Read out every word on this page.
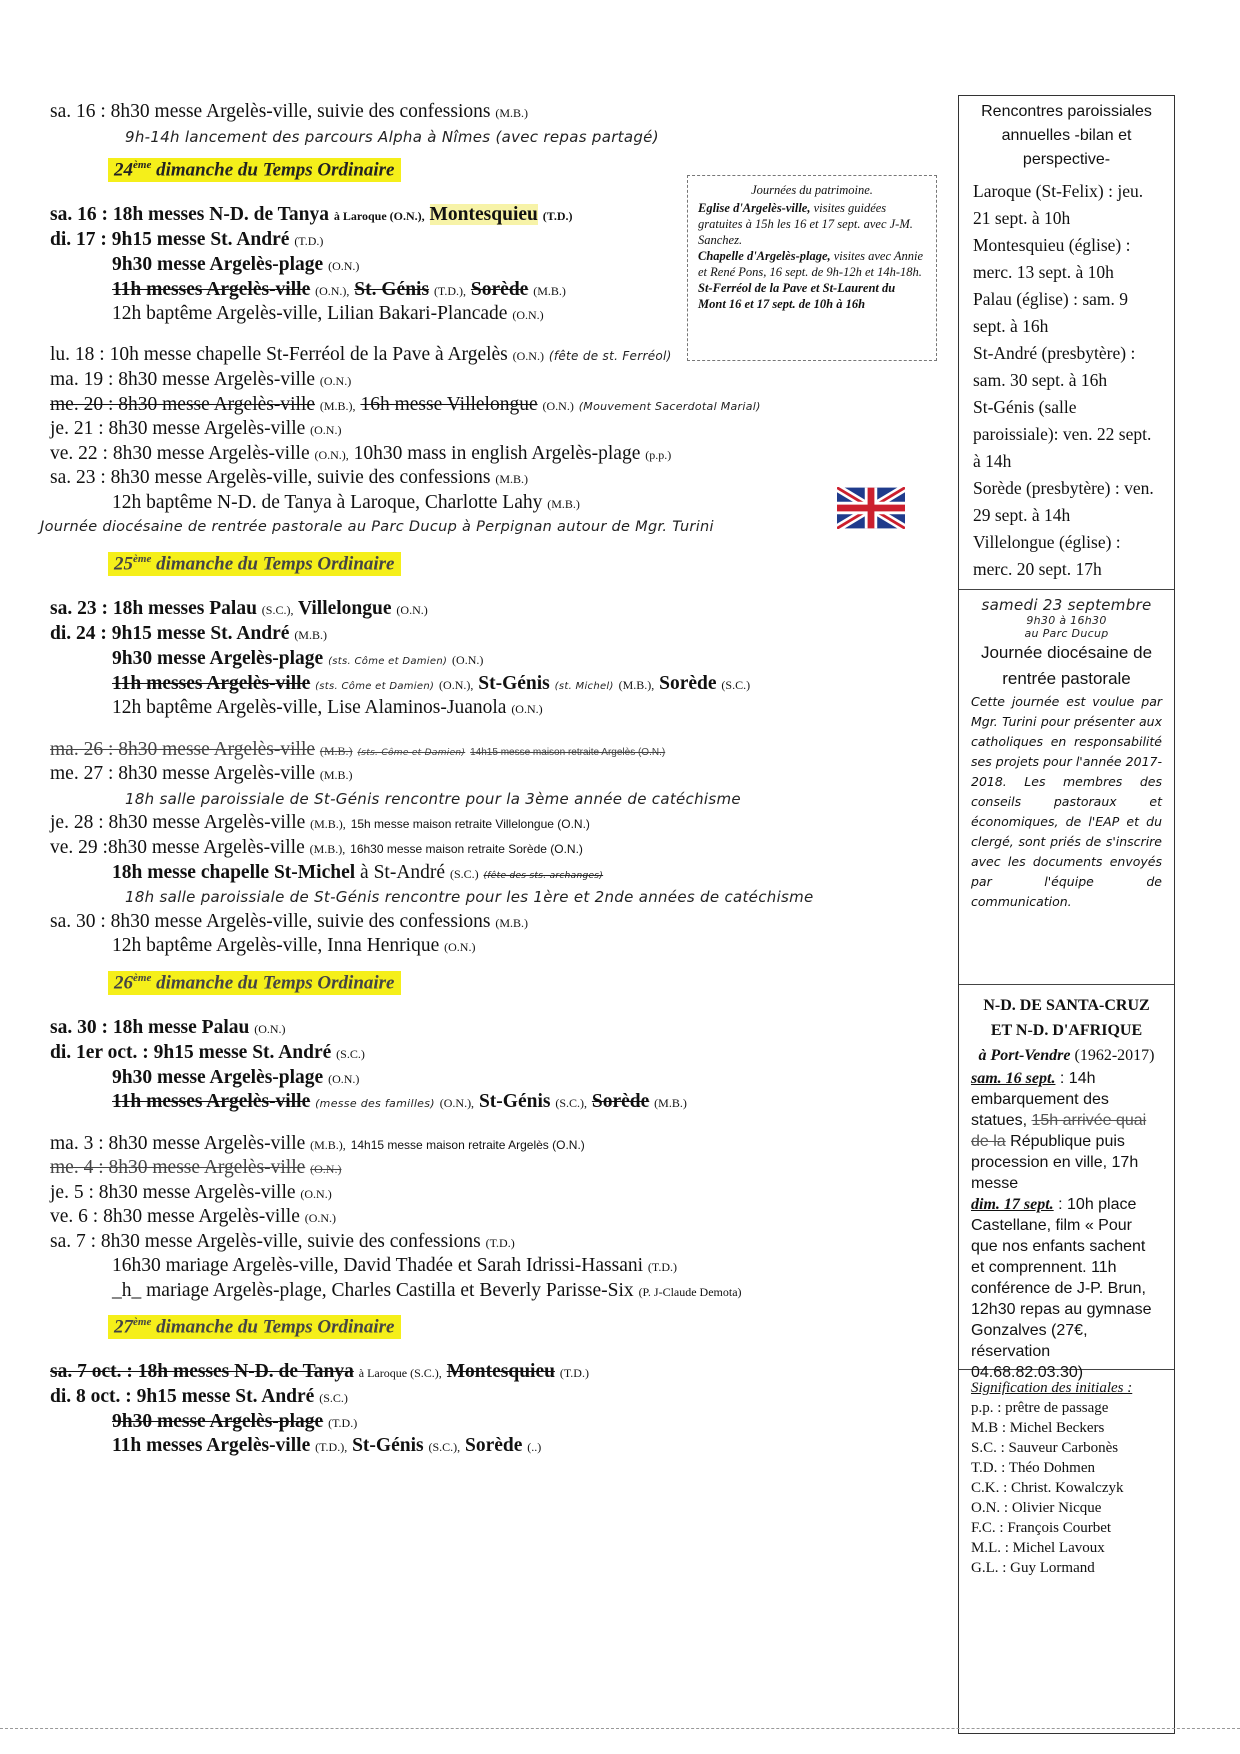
sa. 16 : 8h30 messe Argelès-ville, suivie des confessions (M.B.)
9h-14h lancement des parcours Alpha à Nîmes (avec repas partagé)
24ème dimanche du Temps Ordinaire
sa. 16 : 18h messes N-D. de Tanya à Laroque (O.N.), Montesquieu (T.D.)
di. 17 : 9h15 messe St. André (T.D.)
9h30 messe Argelès-plage (O.N.)
11h messes Argelès-ville (O.N.), St. Génis (T.D.), Sorède (M.B.)
12h baptême Argelès-ville, Lilian Bakari-Plancade (O.N.)
lu. 18 : 10h messe chapelle St-Ferréol de la Pave à Argelès (O.N.) (fête de st. Ferréol)
ma. 19 : 8h30 messe Argelès-ville (O.N.)
me. 20 : 8h30 messe Argelès-ville (M.B.), 16h messe Villelongue (O.N.) (Mouvement Sacerdotal Marial)
je. 21 : 8h30 messe Argelès-ville (O.N.)
ve. 22 : 8h30 messe Argelès-ville (O.N.), 10h30 mass in english Argelès-plage (p.p.)
sa. 23 : 8h30 messe Argelès-ville, suivie des confessions (M.B.)
12h baptême N-D. de Tanya à Laroque, Charlotte Lahy (M.B.)
Journée diocésaine de rentrée pastorale au Parc Ducup à Perpignan autour de Mgr. Turini
25ème dimanche du Temps Ordinaire
sa. 23 : 18h messes Palau (S.C.), Villelongue (O.N.)
di. 24 : 9h15 messe St. André (M.B.)
9h30 messe Argelès-plage (sts. Côme et Damien) (O.N.)
11h messes Argelès-ville (sts. Côme et Damien) (O.N.), St-Génis (st. Michel) (M.B.), Sorède (S.C.)
12h baptême Argelès-ville, Lise Alaminos-Juanola (O.N.)
ma. 26 : 8h30 messe Argelès-ville (M.B.) (sts. Côme et Damien) 14h15 messe maison retraite Argelès (O.N.)
me. 27 : 8h30 messe Argelès-ville (M.B.)
18h salle paroissiale de St-Génis rencontre pour la 3ème année de catéchisme
je. 28 : 8h30 messe Argelès-ville (M.B.), 15h messe maison retraite Villelongue (O.N.)
ve. 29 :8h30 messe Argelès-ville (M.B.), 16h30 messe maison retraite Sorède (O.N.)
18h messe chapelle St-Michel à St-André (S.C.) (fête des sts. archanges)
18h salle paroissiale de St-Génis rencontre pour les 1ère et 2nde années de catéchisme
sa. 30 : 8h30 messe Argelès-ville, suivie des confessions (M.B.)
12h baptême Argelès-ville, Inna Henrique (O.N.)
26ème dimanche du Temps Ordinaire
sa. 30 : 18h messe Palau (O.N.)
di. 1er oct. : 9h15 messe St. André (S.C.)
9h30 messe Argelès-plage (O.N.)
11h messes Argelès-ville (messe des familles) (O.N.), St-Génis (S.C.), Sorède (M.B.)
ma. 3 : 8h30 messe Argelès-ville (M.B.), 14h15 messe maison retraite Argelès (O.N.)
me. 4 : 8h30 messe Argelès-ville (O.N.)
je. 5 : 8h30 messe Argelès-ville (O.N.)
ve. 6 : 8h30 messe Argelès-ville (O.N.)
sa. 7 : 8h30 messe Argelès-ville, suivie des confessions (T.D.)
16h30 mariage Argelès-ville, David Thadée et Sarah Idrissi-Hassani (T.D.)
_h_ mariage Argelès-plage, Charles Castilla et Beverly Parisse-Six (P. J-Claude Demota)
27ème dimanche du Temps Ordinaire
sa. 7 oct. : 18h messes N-D. de Tanya à Laroque (S.C.), Montesquieu (T.D.)
di. 8 oct. : 9h15 messe St. André (S.C.)
9h30 messe Argelès-plage (T.D.)
11h messes Argelès-ville (T.D.), St-Génis (S.C.), Sorède (..)
Journées du patrimoine.
Eglise d'Argelès-ville, visites guidées gratuites à 15h les 16 et 17 sept. avec J-M. Sanchez.
Chapelle d'Argelès-plage, visites avec Annie et René Pons, 16 sept. de 9h-12h et 14h-18h.
St-Ferréol de la Pave et St-Laurent du Mont 16 et 17 sept. de 10h à 16h
Rencontres paroissiales annuelles -bilan et perspective-
Laroque (St-Felix) : jeu. 21 sept. à 10h
Montesquieu (église) : merc. 13 sept. à 10h
Palau (église) : sam. 9 sept. à 16h
St-André (presbytère) : sam. 30 sept. à 16h
St-Génis (salle paroissiale): ven. 22 sept. à 14h
Sorède (presbytère) : ven. 29 sept. à 14h
Villelongue (église) : merc. 20 sept. 17h
samedi 23 septembre
9h30 à 16h30
au Parc Ducup
Journée diocésaine de rentrée pastorale
Cette journée est voulue par Mgr. Turini pour présenter aux catholiques en responsabilité ses projets pour l'année 2017-2018. Les membres des conseils pastoraux et économiques, de l'EAP et du clergé, sont priés de s'inscrire avec les documents envoyés par l'équipe de communication.
N-D. DE SANTA-CRUZ
ET N-D. D'AFRIQUE
à Port-Vendre (1962-2017)
sam. 16 sept. : 14h embarquement des statues, 15h arrivée quai de la République puis procession en ville, 17h messe
dim. 17 sept. : 10h place Castellane, film « Pour que nos enfants sachent et comprennent. 11h conférence de J-P. Brun, 12h30 repas au gymnase Gonzalves (27€, réservation 04.68.82.03.30)
Signification des initiales :
p.p. : prêtre de passage
M.B : Michel Beckers
S.C. : Sauveur Carbonès
T.D. : Théo Dohmen
C.K. : Christ. Kowalczyk
O.N. : Olivier Nicque
F.C. : François Courbet
M.L. : Michel Lavoux
G.L. : Guy Lormand
